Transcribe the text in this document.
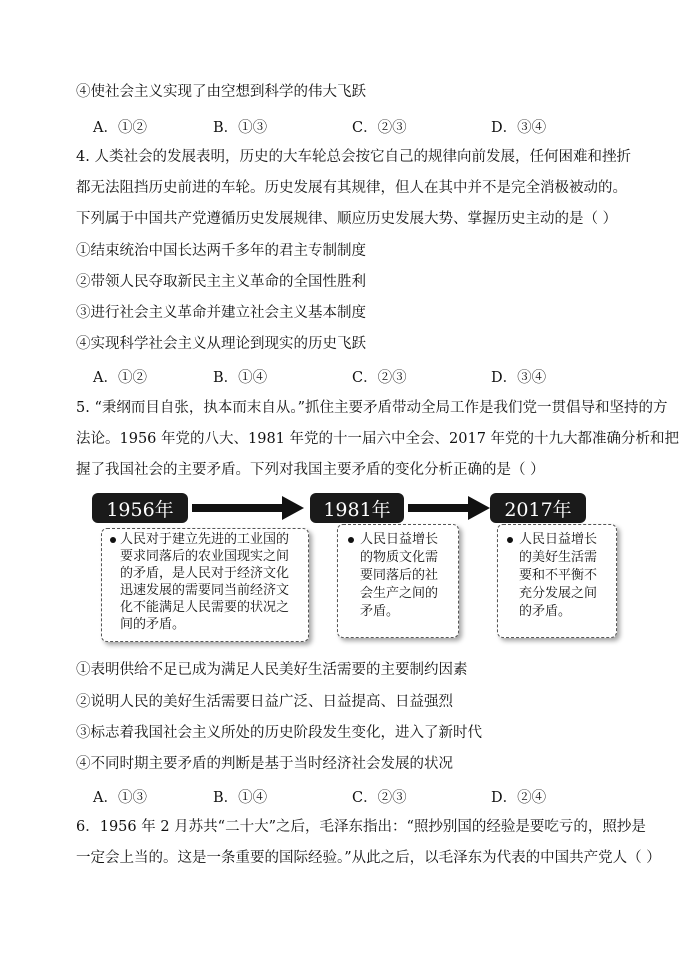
④使社会主义实现了由空想到科学的伟大飞跃
A．①②	B．①③	C．②③	D．③④
4. 人类社会的发展表明，历史的大车轮总会按它自己的规律向前发展，任何困难和挫折
都无法阻挡历史前进的车轮。历史发展有其规律，但人在其中并不是完全消极被动的。
下列属于中国共产党遵循历史发展规律、顺应历史发展大势、掌握历史主动的是（ ）
①结束统治中国长达两千多年的君主专制制度
②带领人民夺取新民主主义革命的全国性胜利
③进行社会主义革命并建立社会主义基本制度
④实现科学社会主义从理论到现实的历史飞跃
A．①②	B．①④	C．②③	D．③④
5. “秉纲而目自张，执本而末自从。”抓住主要矛盾带动全局工作是我们党一贯倡导和坚持的方
法论。1956 年党的八大、1981 年党的十一届六中全会、2017 年党的十九大都准确分析和把
握了我国社会的主要矛盾。下列对我国主要矛盾的变化分析正确的是（ ）
1956年	1981年	2017年
人民对于建立先进的工业国的
要求同落后的农业国现实之间
的矛盾，是人民对于经济文化
迅速发展的需要同当前经济文
化不能满足人民需要的状况之
间的矛盾。
人民日益增长
的物质文化需
要同落后的社
会生产之间的
矛盾。
人民日益增长
的美好生活需
要和不平衡不
充分发展之间
的矛盾。
①表明供给不足已成为满足人民美好生活需要的主要制约因素
②说明人民的美好生活需要日益广泛、日益提高、日益强烈
③标志着我国社会主义所处的历史阶段发生变化，进入了新时代
④不同时期主要矛盾的判断是基于当时经济社会发展的状况
A．①③	B．①④	C．②③	D．②④
6．1956 年 2 月苏共“二十大”之后，毛泽东指出：“照抄别国的经验是要吃亏的，照抄是
一定会上当的。这是一条重要的国际经验。”从此之后，以毛泽东为代表的中国共产党人（ ）
